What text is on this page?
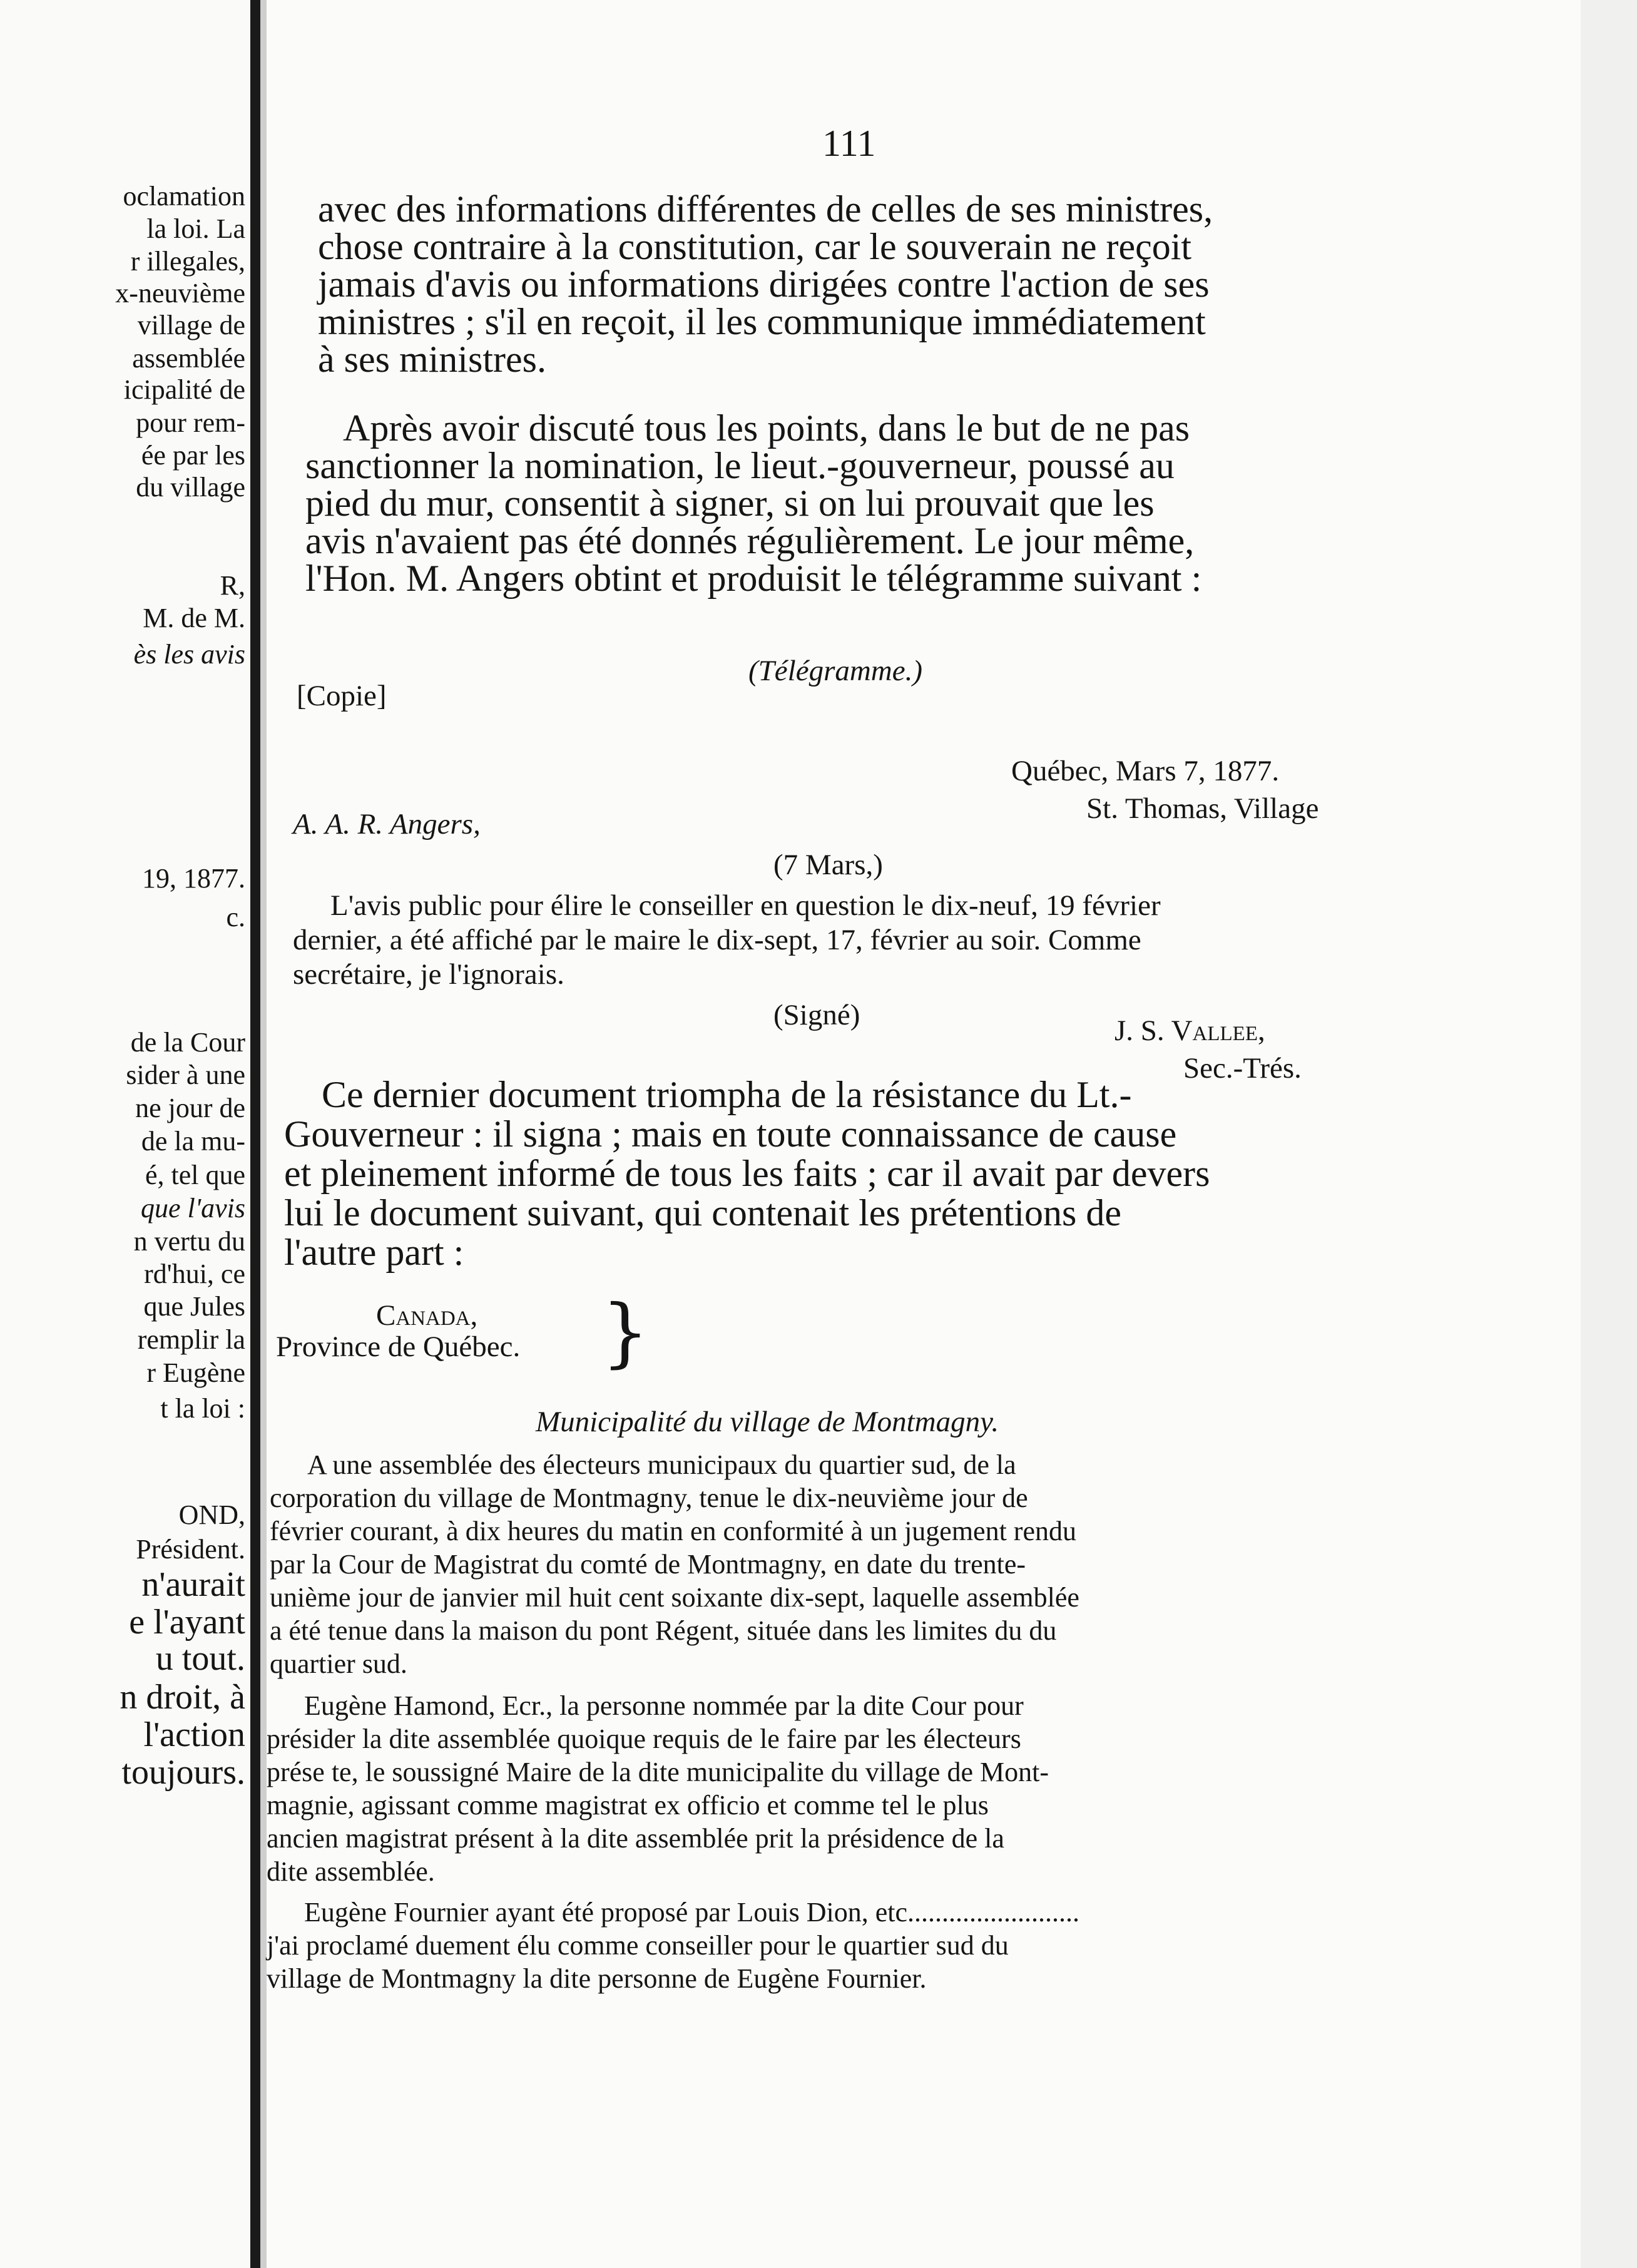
oclamation
la loi. La
r illegales,
x-neuvième
village de
assemblée
icipalité de
pour rem-
ée par les
du village
R,
M. de M.
ès les avis
19, 1877.
c.
de la Cour
sider à une
ne jour de
de la mu-
é, tel que
que l'avis
n vertu du
rd'hui, ce
que Jules
remplir la
r Eugène
t la loi :
OND,
Président.
n'aurait
e l'ayant
u tout.
n droit, à
l'action
toujours.
111
avec des informations différentes de celles de ses ministres,
chose contraire à la constitution, car le souverain ne reçoit
jamais d'avis ou informations dirigées contre l'action de ses
ministres ; s'il en reçoit, il les communique immédiatement
à ses ministres.
Après avoir discuté tous les points, dans le but de ne pas
sanctionner la nomination, le lieut.-gouverneur, poussé au
pied du mur, consentit à signer, si on lui prouvait que les
avis n'avaient pas été donnés régulièrement. Le jour même,
l'Hon. M. Angers obtint et produisit le télégramme suivant :
(Télégramme.)
[Copie]
Québec, Mars 7, 1877.
St. Thomas, Village
A. A. R. Angers,
(7 Mars,)
L'avis public pour élire le conseiller en question le dix-neuf, 19 février
dernier, a été affiché par le maire le dix-sept, 17, février au soir. Comme
secrétaire, je l'ignorais.
(Signé)	J. S. Vallee,
Sec.-Trés.
Ce dernier document triompha de la résistance du Lt.-
Gouverneur : il signa ; mais en toute connaissance de cause
et pleinement informé de tous les faits ; car il avait par devers
lui le document suivant, qui contenait les prétentions de
l'autre part :
Canada,
Province de Québec. }
Municipalité du village de Montmagny.
A une assemblée des électeurs municipaux du quartier sud, de la
corporation du village de Montmagny, tenue le dix-neuvième jour de
février courant, à dix heures du matin en conformité à un jugement rendu
par la Cour de Magistrat du comté de Montmagny, en date du trente-
unième jour de janvier mil huit cent soixante dix-sept, laquelle assemblée
a été tenue dans la maison du pont Régent, située dans les limites du du
quartier sud.
Eugène Hamond, Ecr., la personne nommée par la dite Cour pour
présider la dite assemblée quoique requis de le faire par les électeurs
prése te, le soussigné Maire de la dite municipalite du village de Mont-
magnie, agissant comme magistrat ex officio et comme tel le plus
ancien magistrat présent à la dite assemblée prit la présidence de la
dite assemblée.
Eugène Fournier ayant été proposé par Louis Dion, etc.........................
j'ai proclamé duement élu comme conseiller pour le quartier sud du
village de Montmagny la dite personne de Eugène Fournier.
